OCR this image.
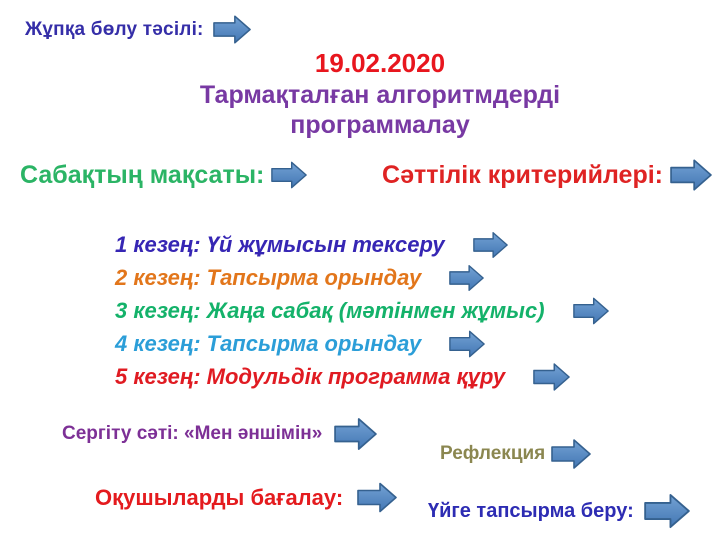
Жұпқа бөлу тәсілі:
19.02.2020
Тармақталған алгоритмдерді
программалау
Сабақтың мақсаты:	Сәттілік критерийлері:
1 кезең: Үй жұмысын тексеру
2 кезең: Тапсырма орындау
3 кезең: Жаңа сабақ (мәтінмен жұмыс)
4 кезең: Тапсырма орындау
5 кезең: Модульдік программа құру
Сергіту сәті: «Мен әншімін»
Рефлекция
Оқушыларды бағалау:
Үйге тапсырма беру:
